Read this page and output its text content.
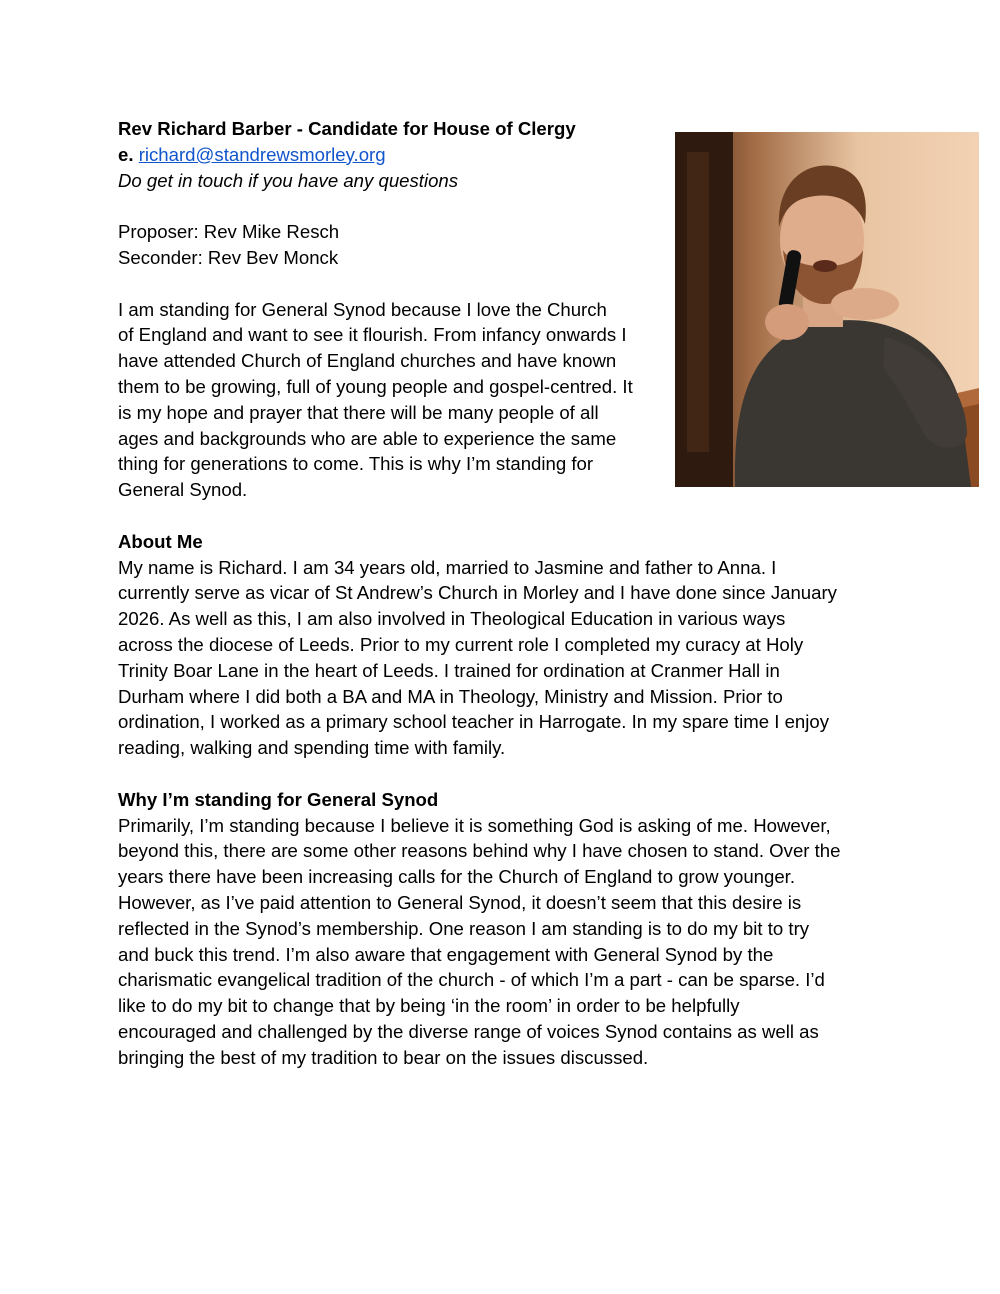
Rev Richard Barber - Candidate for House of Clergy
e. richard@standrewsmorley.org
Do get in touch if you have any questions
Proposer: Rev Mike Resch
Seconder: Rev Bev Monck
I am standing for General Synod because I love the Church
of England and want to see it flourish. From infancy onwards I
have attended Church of England churches and have known
them to be growing, full of young people and gospel-centred. It
is my hope and prayer that there will be many people of all
ages and backgrounds who are able to experience the same
thing for generations to come. This is why I’m standing for
General Synod.
About Me
My name is Richard. I am 34 years old, married to Jasmine and father to Anna. I
currently serve as vicar of St Andrew’s Church in Morley and I have done since January
2026. As well as this, I am also involved in Theological Education in various ways
across the diocese of Leeds. Prior to my current role I completed my curacy at Holy
Trinity Boar Lane in the heart of Leeds. I trained for ordination at Cranmer Hall in
Durham where I did both a BA and MA in Theology, Ministry and Mission. Prior to
ordination, I worked as a primary school teacher in Harrogate. In my spare time I enjoy
reading, walking and spending time with family.
Why I’m standing for General Synod
Primarily, I’m standing because I believe it is something God is asking of me. However,
beyond this, there are some other reasons behind why I have chosen to stand. Over the
years there have been increasing calls for the Church of England to grow younger.
However, as I’ve paid attention to General Synod, it doesn’t seem that this desire is
reflected in the Synod’s membership. One reason I am standing is to do my bit to try
and buck this trend. I’m also aware that engagement with General Synod by the
charismatic evangelical tradition of the church - of which I’m a part - can be sparse. I’d
like to do my bit to change that by being ‘in the room’ in order to be helpfully
encouraged and challenged by the diverse range of voices Synod contains as well as
bringing the best of my tradition to bear on the issues discussed.
